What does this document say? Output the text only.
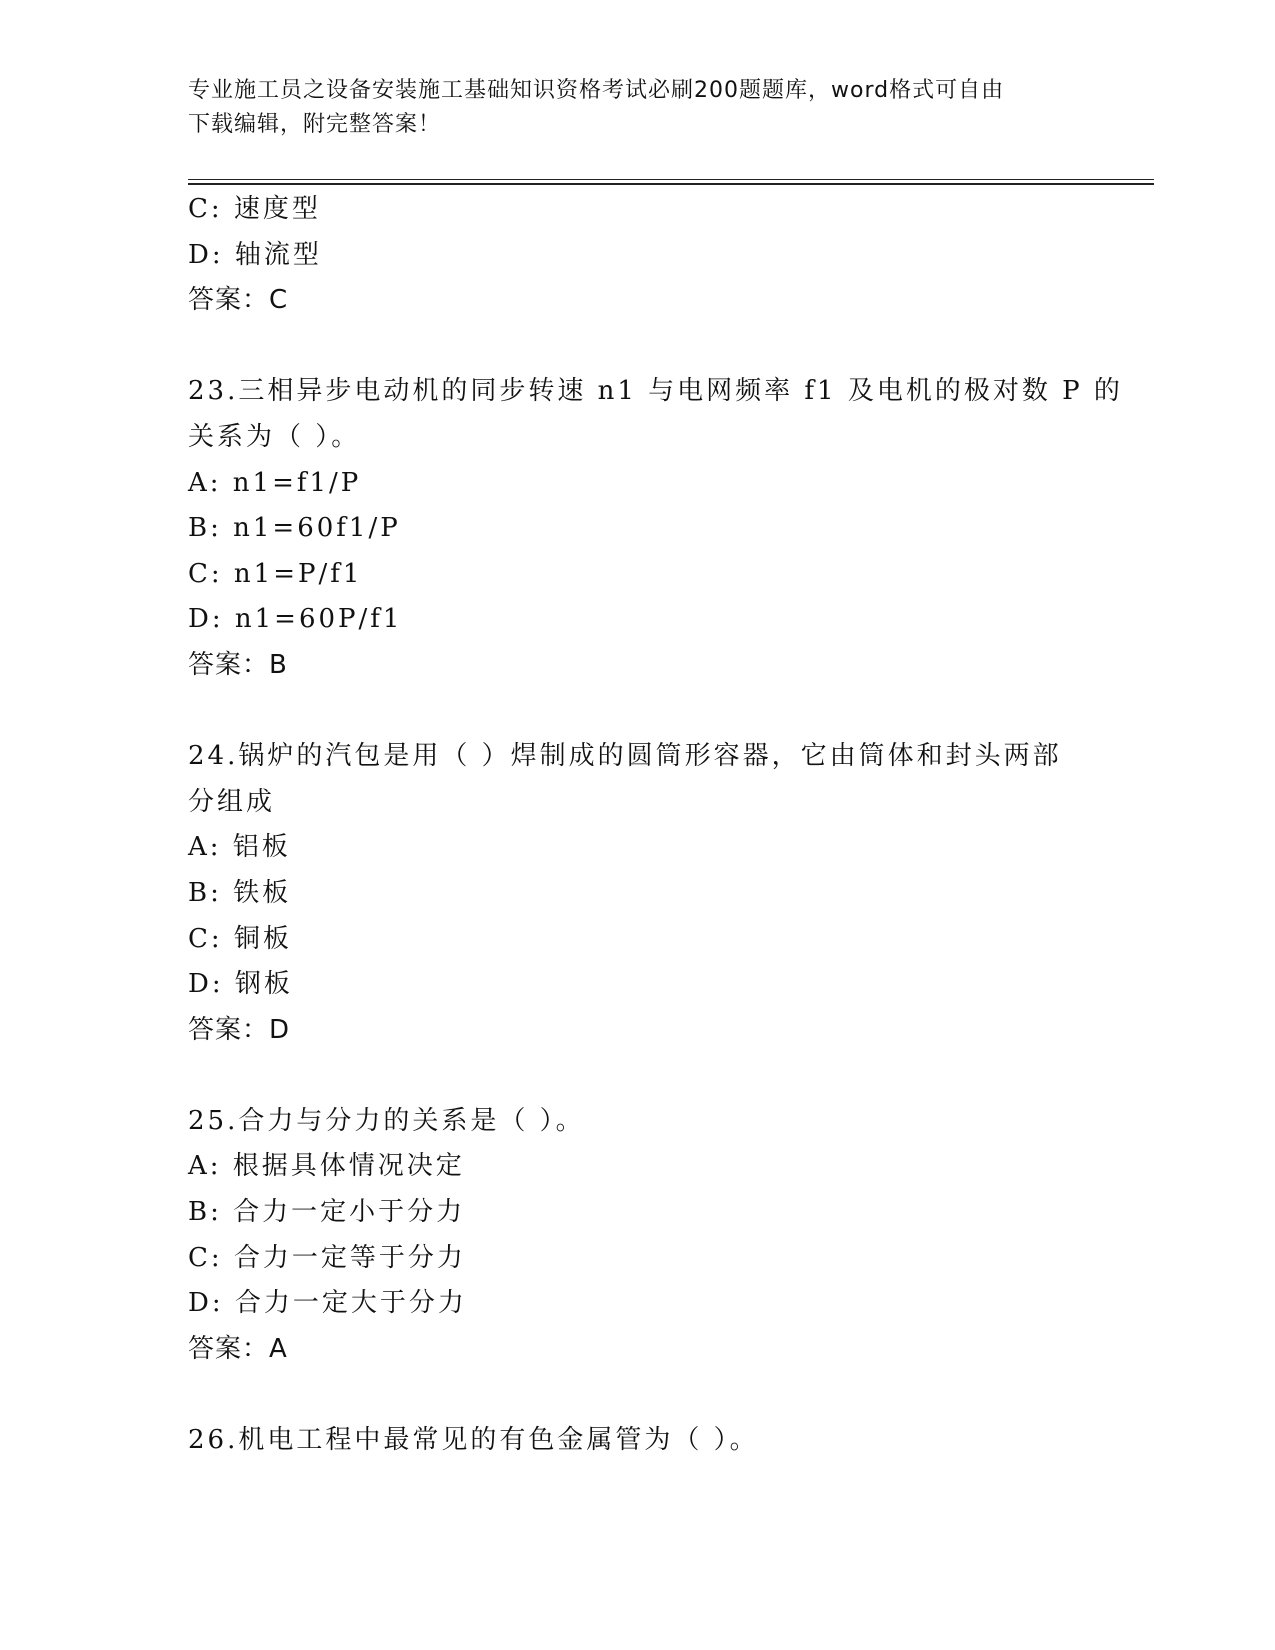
专业施工员之设备安装施工基础知识资格考试必刷200题题库，word格式可自由
下载编辑，附完整答案！
C: 速度型
D: 轴流型
答案：C
23.三相异步电动机的同步转速 n1 与电网频率 f1 及电机的极对数 P 的
关系为（ ）。
A: n1=f1/P
B: n1=60f1/P
C: n1=P/f1
D: n1=60P/f1
答案：B
24.锅炉的汽包是用（ ）焊制成的圆筒形容器，它由筒体和封头两部
分组成
A: 铝板
B: 铁板
C: 铜板
D: 钢板
答案：D
25.合力与分力的关系是（ ）。
A: 根据具体情况决定
B: 合力一定小于分力
C: 合力一定等于分力
D: 合力一定大于分力
答案：A
26.机电工程中最常见的有色金属管为（ ）。
